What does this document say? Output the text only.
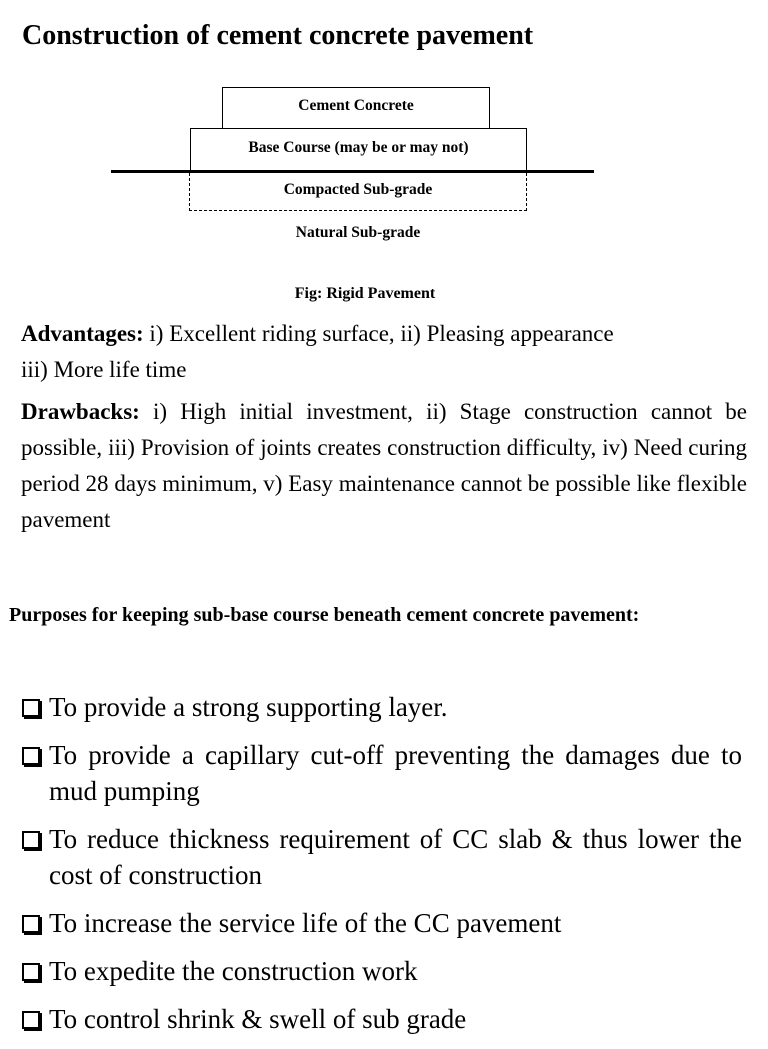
Construction of cement concrete pavement
Cement Concrete
Base Course (may be or may not)
Compacted Sub-grade
Natural Sub-grade
Fig: Rigid Pavement

Advantages: i) Excellent riding surface, ii) Pleasing appearance
iii) More life time

Drawbacks: i) High initial investment, ii) Stage construction cannot be possible, iii) Provision of joints creates construction difficulty, iv) Need curing period 28 days minimum, v) Easy maintenance cannot be possible like flexible pavement

Purposes for keeping sub-base course beneath cement concrete pavement:

To provide a strong supporting layer.
To provide a capillary cut-off preventing the damages due to mud pumping
To reduce thickness requirement of CC slab & thus lower the cost of construction
To increase the service life of the CC pavement
To expedite the construction work
To control shrink & swell of sub grade
